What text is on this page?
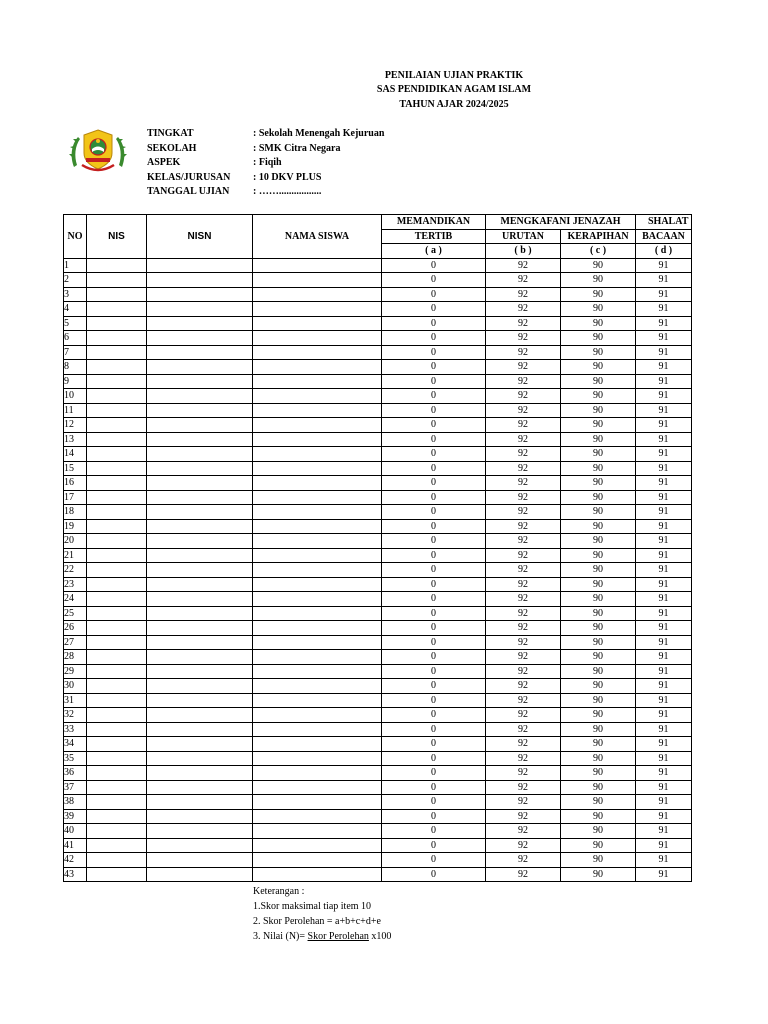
PENILAIAN UJIAN PRAKTIK
SAS PENDIDIKAN AGAM ISLAM
TAHUN AJAR 2024/2025
TINGKAT	: Sekolah Menengah Kejuruan
SEKOLAH	: SMK Citra Negara
ASPEK	: Fiqih
KELAS/JURUSAN : 10 DKV PLUS
TANGGAL UJIAN : …….................
NO	NIS	NISN	NAMA SISWA	MEMANDIKAN	MENGKAFANI JENAZAH		SHALAT
				TERTIB	URUTAN	KERAPIHAN	BACAAN
				( a )	( b )	( c )	( d )
1				0	92	90	91
2				0	92	90	91
3				0	92	90	91
4				0	92	90	91
5				0	92	90	91
6				0	92	90	91
7				0	92	90	91
8				0	92	90	91
9				0	92	90	91
10				0	92	90	91
11				0	92	90	91
12				0	92	90	91
13				0	92	90	91
14				0	92	90	91
15				0	92	90	91
16				0	92	90	91
17				0	92	90	91
18				0	92	90	91
19				0	92	90	91
20				0	92	90	91
21				0	92	90	91
22				0	92	90	91
23				0	92	90	91
24				0	92	90	91
25				0	92	90	91
26				0	92	90	91
27				0	92	90	91
28				0	92	90	91
29				0	92	90	91
30				0	92	90	91
31				0	92	90	91
32				0	92	90	91
33				0	92	90	91
34				0	92	90	91
35				0	92	90	91
36				0	92	90	91
37				0	92	90	91
38				0	92	90	91
39				0	92	90	91
40				0	92	90	91
41				0	92	90	91
42				0	92	90	91
43				0	92	90	91
Keterangan :
1.Skor maksimal tiap item 10
2. Skor Perolehan = a+b+c+d+e
3. Nilai (N)= Skor Perolehan x100
